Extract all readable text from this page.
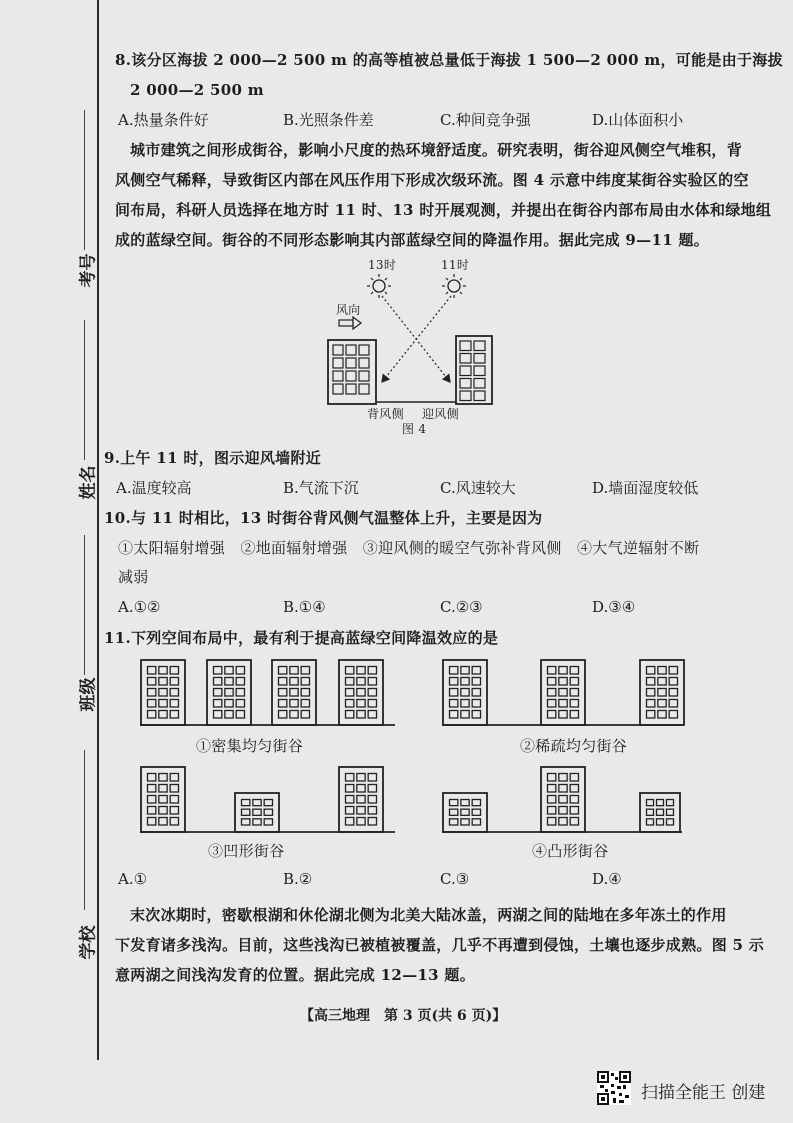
考号
姓名
班级
学校
8.该分区海拔 2 000—2 500 m 的高等植被总量低于海拔 1 500—2 000 m，可能是由于海拔
2 000—2 500 m
A.热量条件好	B.光照条件差	C.种间竞争强	D.山体面积小
城市建筑之间形成街谷，影响小尺度的热环境舒适度。研究表明，街谷迎风侧空气堆积，背
风侧空气稀释，导致街区内部在风压作用下形成次级环流。图 4 示意中纬度某街谷实验区的空
间布局，科研人员选择在地方时 11 时、13 时开展观测，并提出在街谷内部布局由水体和绿地组
成的蓝绿空间。街谷的不同形态影响其内部蓝绿空间的降温作用。据此完成 9—11 题。
13时	11时
风向
背风侧 迎风侧
图 4
9.上午 11 时，图示迎风墙附近
A.温度较高	B.气流下沉	C.风速较大	D.墙面湿度较低
10.与 11 时相比，13 时街谷背风侧气温整体上升，主要是因为
①太阳辐射增强　②地面辐射增强　③迎风侧的暖空气弥补背风侧　④大气逆辐射不断
减弱
A.①②	B.①④	C.②③	D.③④
11.下列空间布局中，最有利于提高蓝绿空间降温效应的是
①密集均匀街谷	②稀疏均匀街谷
③凹形街谷	④凸形街谷
A.①	B.②	C.③	D.④
末次冰期时，密歇根湖和休伦湖北侧为北美大陆冰盖，两湖之间的陆地在多年冻土的作用
下发育诸多浅沟。目前，这些浅沟已被植被覆盖，几乎不再遭到侵蚀，土壤也逐步成熟。图 5 示
意两湖之间浅沟发育的位置。据此完成 12—13 题。
【高三地理　第 3 页(共 6 页)】
扫描全能王 创建
